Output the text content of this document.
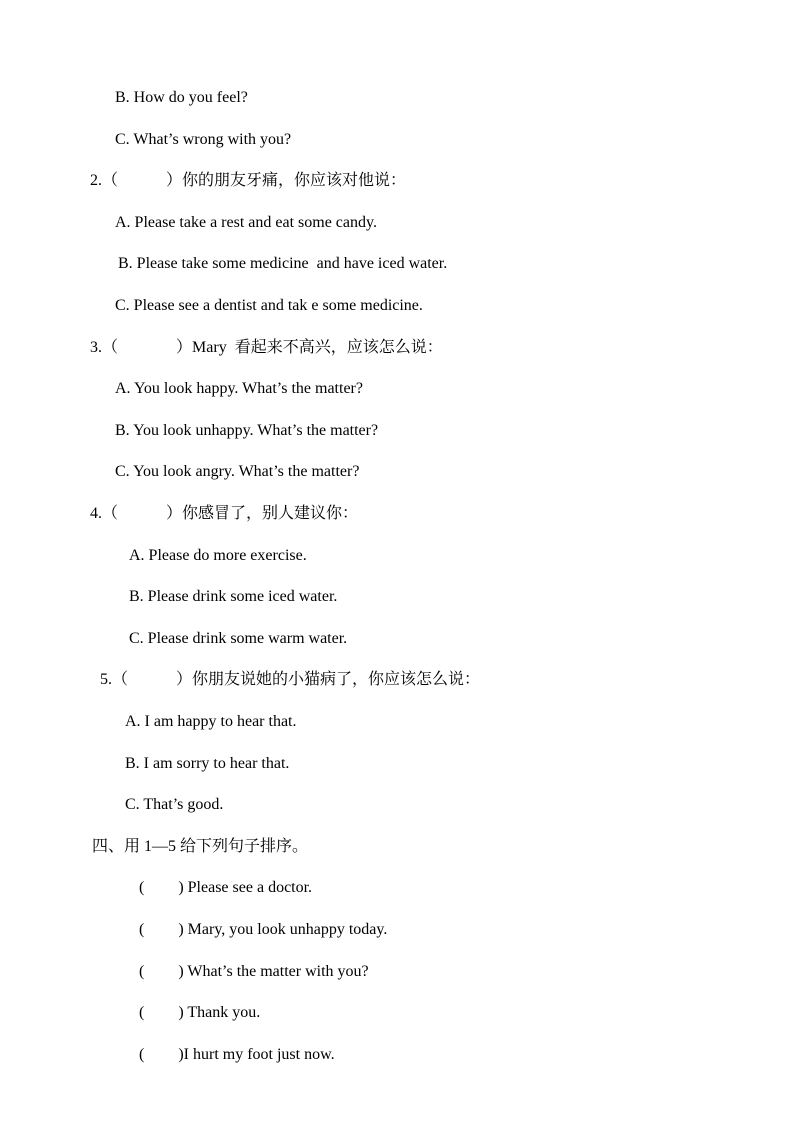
B. How do you feel?
C. What’s wrong with you?
2.（	）你的朋友牙痛，你应该对他说：
A. Please take a rest and eat some candy.
B. Please take some medicine  and have iced water.
C. Please see a dentist and tak e some medicine.
3.（	）Mary  看起来不高兴，应该怎么说：
A. You look happy. What’s the matter?
B. You look unhappy. What’s the matter?
C. You look angry. What’s the matter?
4.（	）你感冒了，别人建议你：
A. Please do more exercise.
B. Please drink some iced water.
C. Please drink some warm water.
5.（	）你朋友说她的小猫病了，你应该怎么说：
A. I am happy to hear that.
B. I am sorry to hear that.
C. That’s good.
四、用 1—5 给下列句子排序。
( ) Please see a doctor.
( ) Mary, you look unhappy today.
( ) What’s the matter with you?
( ) Thank you.
( )I hurt my foot just now.
